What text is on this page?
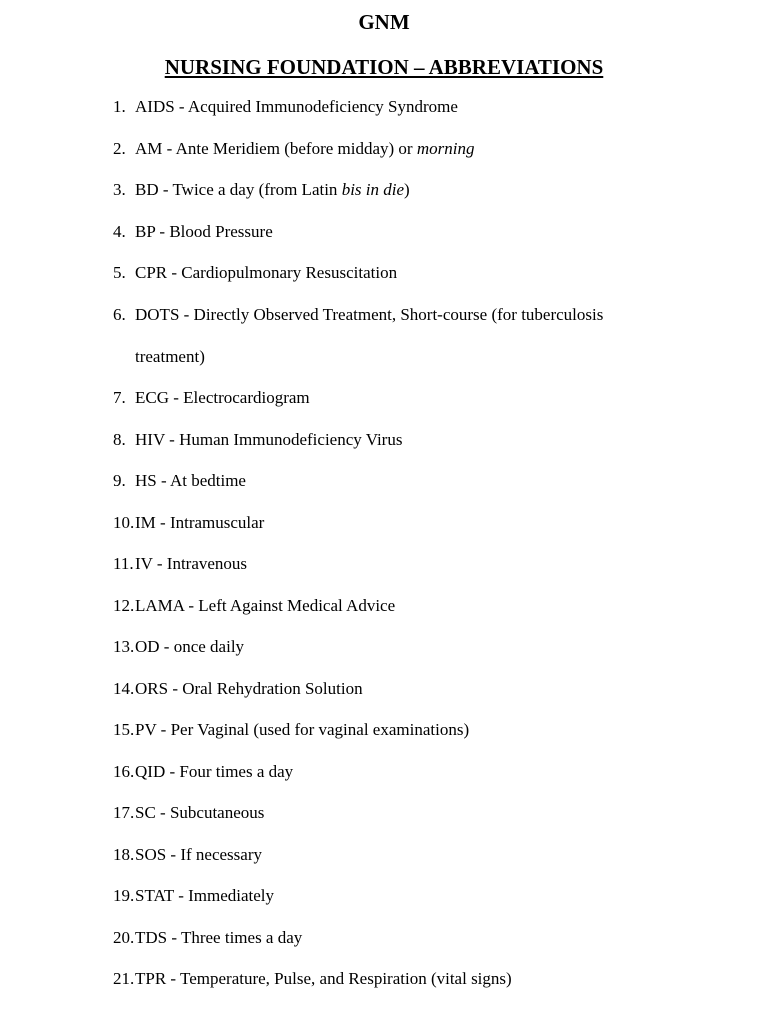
GNM
NURSING FOUNDATION – ABBREVIATIONS
1. AIDS - Acquired Immunodeficiency Syndrome
2. AM - Ante Meridiem (before midday) or morning
3. BD - Twice a day (from Latin bis in die)
4. BP - Blood Pressure
5. CPR - Cardiopulmonary Resuscitation
6. DOTS - Directly Observed Treatment, Short-course (for tuberculosis treatment)
7. ECG - Electrocardiogram
8. HIV - Human Immunodeficiency Virus
9. HS - At bedtime
10. IM - Intramuscular
11. IV - Intravenous
12. LAMA - Left Against Medical Advice
13. OD - once daily
14. ORS - Oral Rehydration Solution
15. PV - Per Vaginal (used for vaginal examinations)
16. QID - Four times a day
17. SC - Subcutaneous
18. SOS - If necessary
19. STAT - Immediately
20. TDS - Three times a day
21. TPR - Temperature, Pulse, and Respiration (vital signs)
